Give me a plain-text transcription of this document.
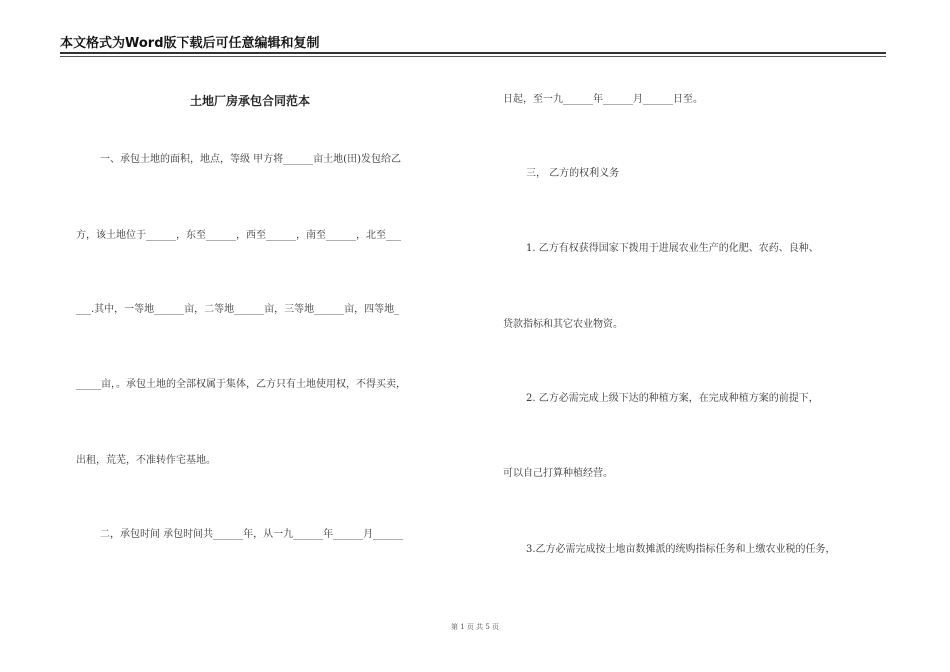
本文格式为Word版下载后可任意编辑和复制
土地厂房承包合同范本
一、承包土地的面积，地点，等级 甲方将______亩土地(田)发包给乙
方，该土地位于______，东至______，西至______，南至______，北至___
___.其中，一等地______亩，二等地______亩，三等地______亩，四等地_
_____亩，。承包土地的全部权属于集体，乙方只有土地使用权，不得买卖，
出租，荒芜，不准转作宅基地。
二，承包时间 承包时间共______年，从一九______年______月______
日起，至一九______年______月______日至。
三， 乙方的权利义务
1. 乙方有权获得国家下拨用于进展农业生产的化肥、农药、良种、
贷款指标和其它农业物资。
2. 乙方必需完成上级下达的种植方案，在完成种植方案的前提下，
可以自己打算种植经营。
3.乙方必需完成按土地亩数摊派的统购指标任务和上缴农业税的任务，
第 1 页 共 5 页
